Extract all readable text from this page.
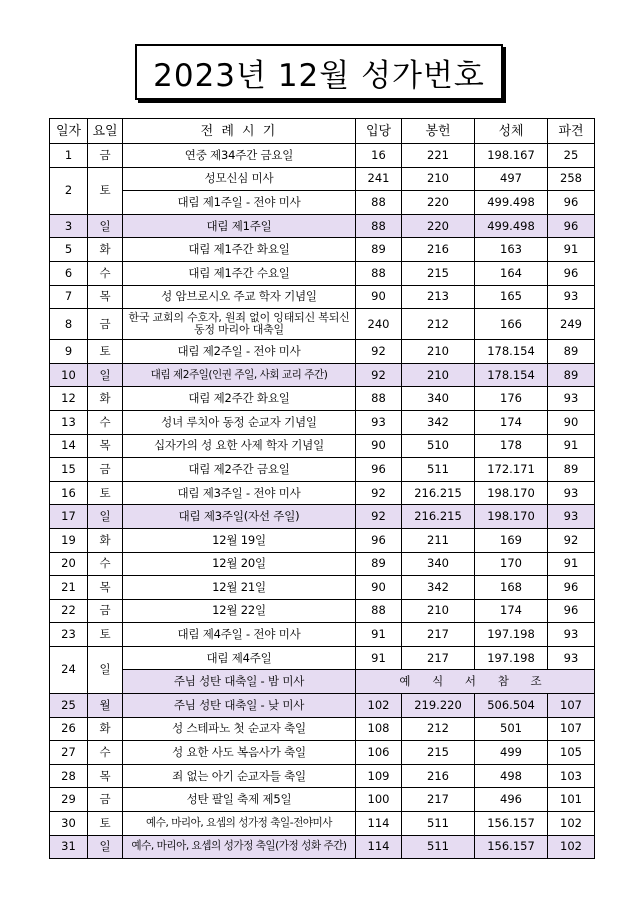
2023년 12월 성가번호
일자	요일	전 례 시 기	입당	봉헌	성체	파견
1	금	연중 제34주간 금요일	16	221	198.167	25
2	토	성모신심 미사	241	210	497	258
		대림 제1주일 - 전야 미사	88	220	499.498	96
3	일	대림 제1주일	88	220	499.498	96
5	화	대림 제1주간 화요일	89	216	163	91
6	수	대림 제1주간 수요일	88	215	164	96
7	목	성 암브로시오 주교 학자 기념일	90	213	165	93
8	금	한국 교회의 수호자, 원죄 없이 잉태되신 복되신 동정 마리아 대축일	240	212	166	249
9	토	대림 제2주일 - 전야 미사	92	210	178.154	89
10	일	대림 제2주일(인권 주일, 사회 교리 주간)	92	210	178.154	89
12	화	대림 제2주간 화요일	88	340	176	93
13	수	성녀 루치아 동정 순교자 기념일	93	342	174	90
14	목	십자가의 성 요한 사제 학자 기념일	90	510	178	91
15	금	대림 제2주간 금요일	96	511	172.171	89
16	토	대림 제3주일 - 전야 미사	92	216.215	198.170	93
17	일	대림 제3주일(자선 주일)	92	216.215	198.170	93
19	화	12월 19일	96	211	169	92
20	수	12월 20일	89	340	170	91
21	목	12월 21일	90	342	168	96
22	금	12월 22일	88	210	174	96
23	토	대림 제4주일 - 전야 미사	91	217	197.198	93
24	일	대림 제4주일	91	217	197.198	93
		주님 성탄 대축일 - 밤 미사	예 식 서 참 조			
25	월	주님 성탄 대축일 - 낮 미사	102	219.220	506.504	107
26	화	성 스테파노 첫 순교자 축일	108	212	501	107
27	수	성 요한 사도 복음사가 축일	106	215	499	105
28	목	죄 없는 아기 순교자들 축일	109	216	498	103
29	금	성탄 팔일 축제 제5일	100	217	496	101
30	토	예수, 마리아, 요셉의 성가정 축일-전야미사	114	511	156.157	102
31	일	예수, 마리아, 요셉의 성가정 축일(가정 성화 주간)	114	511	156.157	102
